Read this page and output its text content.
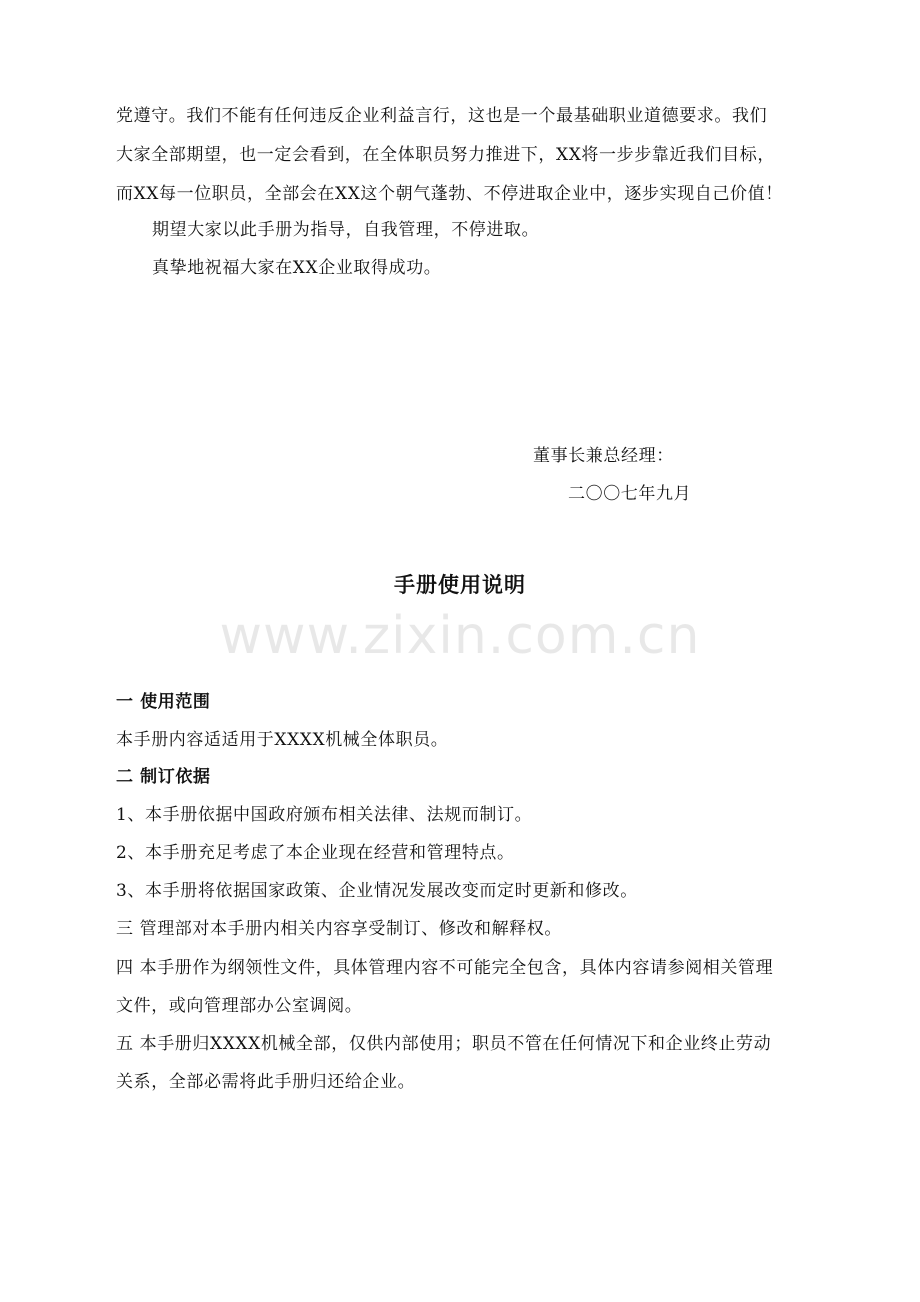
党遵守。我们不能有任何违反企业利益言行，这也是一个最基础职业道德要求。我们
大家全部期望，也一定会看到，在全体职员努力推进下，XX将一步步靠近我们目标，
而XX每一位职员，全部会在XX这个朝气蓬勃、不停进取企业中，逐步实现自己价值！
期望大家以此手册为指导，自我管理，不停进取。
真挚地祝福大家在XX企业取得成功。
董事长兼总经理：
二〇〇七年九月
手册使用说明
www.zixin.com.cn
一 使用范围
本手册内容适适用于XXXX机械全体职员。
二 制订依据
1、本手册依据中国政府颁布相关法律、法规而制订。
2、本手册充足考虑了本企业现在经营和管理特点。
3、本手册将依据国家政策、企业情况发展改变而定时更新和修改。
三 管理部对本手册内相关内容享受制订、修改和解释权。
四 本手册作为纲领性文件，具体管理内容不可能完全包含，具体内容请参阅相关管理
文件，或向管理部办公室调阅。
五 本手册归XXXX机械全部，仅供内部使用；职员不管在任何情况下和企业终止劳动
关系，全部必需将此手册归还给企业。
